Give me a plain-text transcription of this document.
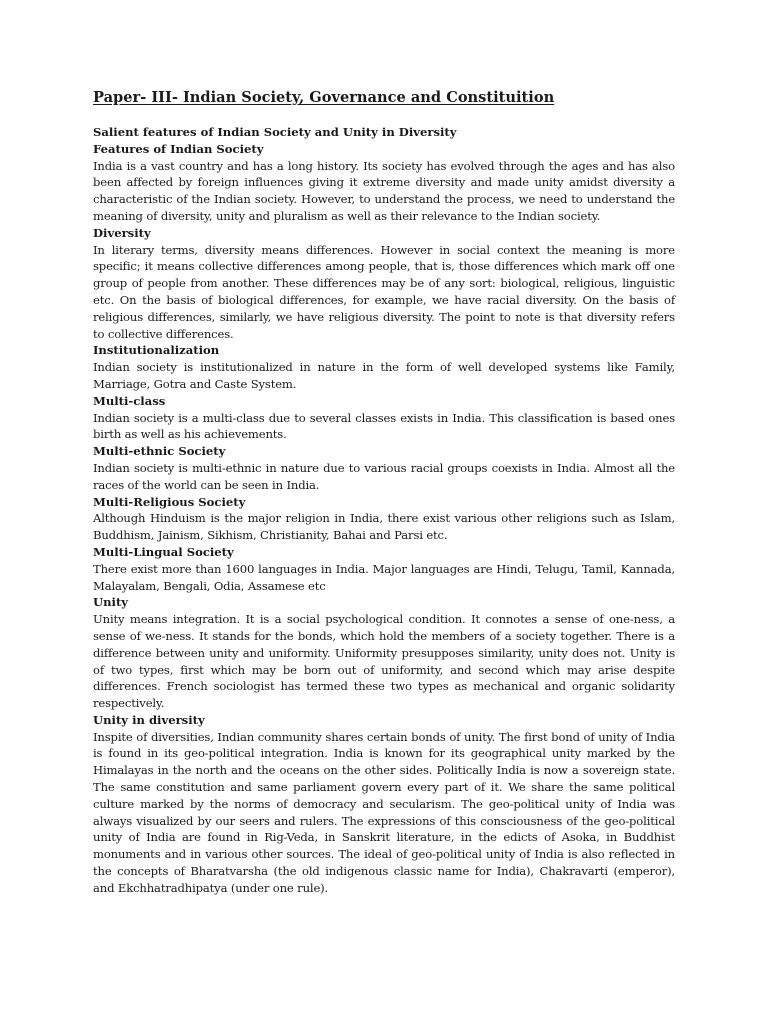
Paper- III- Indian Society, Governance and Constituition
Salient features of Indian Society and Unity in Diversity
Features of Indian Society

India is a vast country and has a long history. Its society has evolved through the ages and has also been affected by foreign influences giving it extreme diversity and made unity amidst diversity a characteristic of the Indian society. However, to understand the process, we need to understand the meaning of diversity, unity and pluralism as well as their relevance to the Indian society.

Diversity

In literary terms, diversity means differences. However in social context the meaning is more specific; it means collective differences among people, that is, those differences which mark off one group of people from another. These differences may be of any sort: biological, religious, linguistic etc. On the basis of biological differences, for example, we have racial diversity. On the basis of religious differences, similarly, we have religious diversity. The point to note is that diversity refers to collective differences.

Institutionalization

Indian society is institutionalized in nature in the form of well developed systems like Family, Marriage, Gotra and Caste System.

Multi-class

Indian society is a multi-class due to several classes exists in India. This classification is based ones birth as well as his achievements.

Multi-ethnic Society

Indian society is multi-ethnic in nature due to various racial groups coexists in India. Almost all the races of the world can be seen in India.

Multi-Religious Society

Although Hinduism is the major religion in India, there exist various other religions such as Islam, Buddhism, Jainism, Sikhism, Christianity, Bahai and Parsi etc.

Multi-Lingual Society

There exist more than 1600 languages in India. Major languages are Hindi, Telugu, Tamil, Kannada, Malayalam, Bengali, Odia, Assamese etc

Unity

Unity means integration. It is a social psychological condition. It connotes a sense of one-ness, a sense of we-ness. It stands for the bonds, which hold the members of a society together. There is a difference between unity and uniformity. Uniformity presupposes similarity, unity does not. Unity is of two types, first which may be born out of uniformity, and second which may arise despite differences. French sociologist has termed these two types as mechanical and organic solidarity respectively.

Unity in diversity

Inspite of diversities, Indian community shares certain bonds of unity. The first bond of unity of India is found in its geo-political integration. India is known for its geographical unity marked by the Himalayas in the north and the oceans on the other sides. Politically India is now a sovereign state. The same constitution and same parliament govern every part of it. We share the same political culture marked by the norms of democracy and secularism. The geo-political unity of India was always visualized by our seers and rulers. The expressions of this consciousness of the geo-political unity of India are found in Rig-Veda, in Sanskrit literature, in the edicts of Asoka, in Buddhist monuments and in various other sources. The ideal of geo-political unity of India is also reflected in the concepts of Bharatvarsha (the old indigenous classic name for India), Chakravarti (emperor), and Ekchhatradhipatya (under one rule).
